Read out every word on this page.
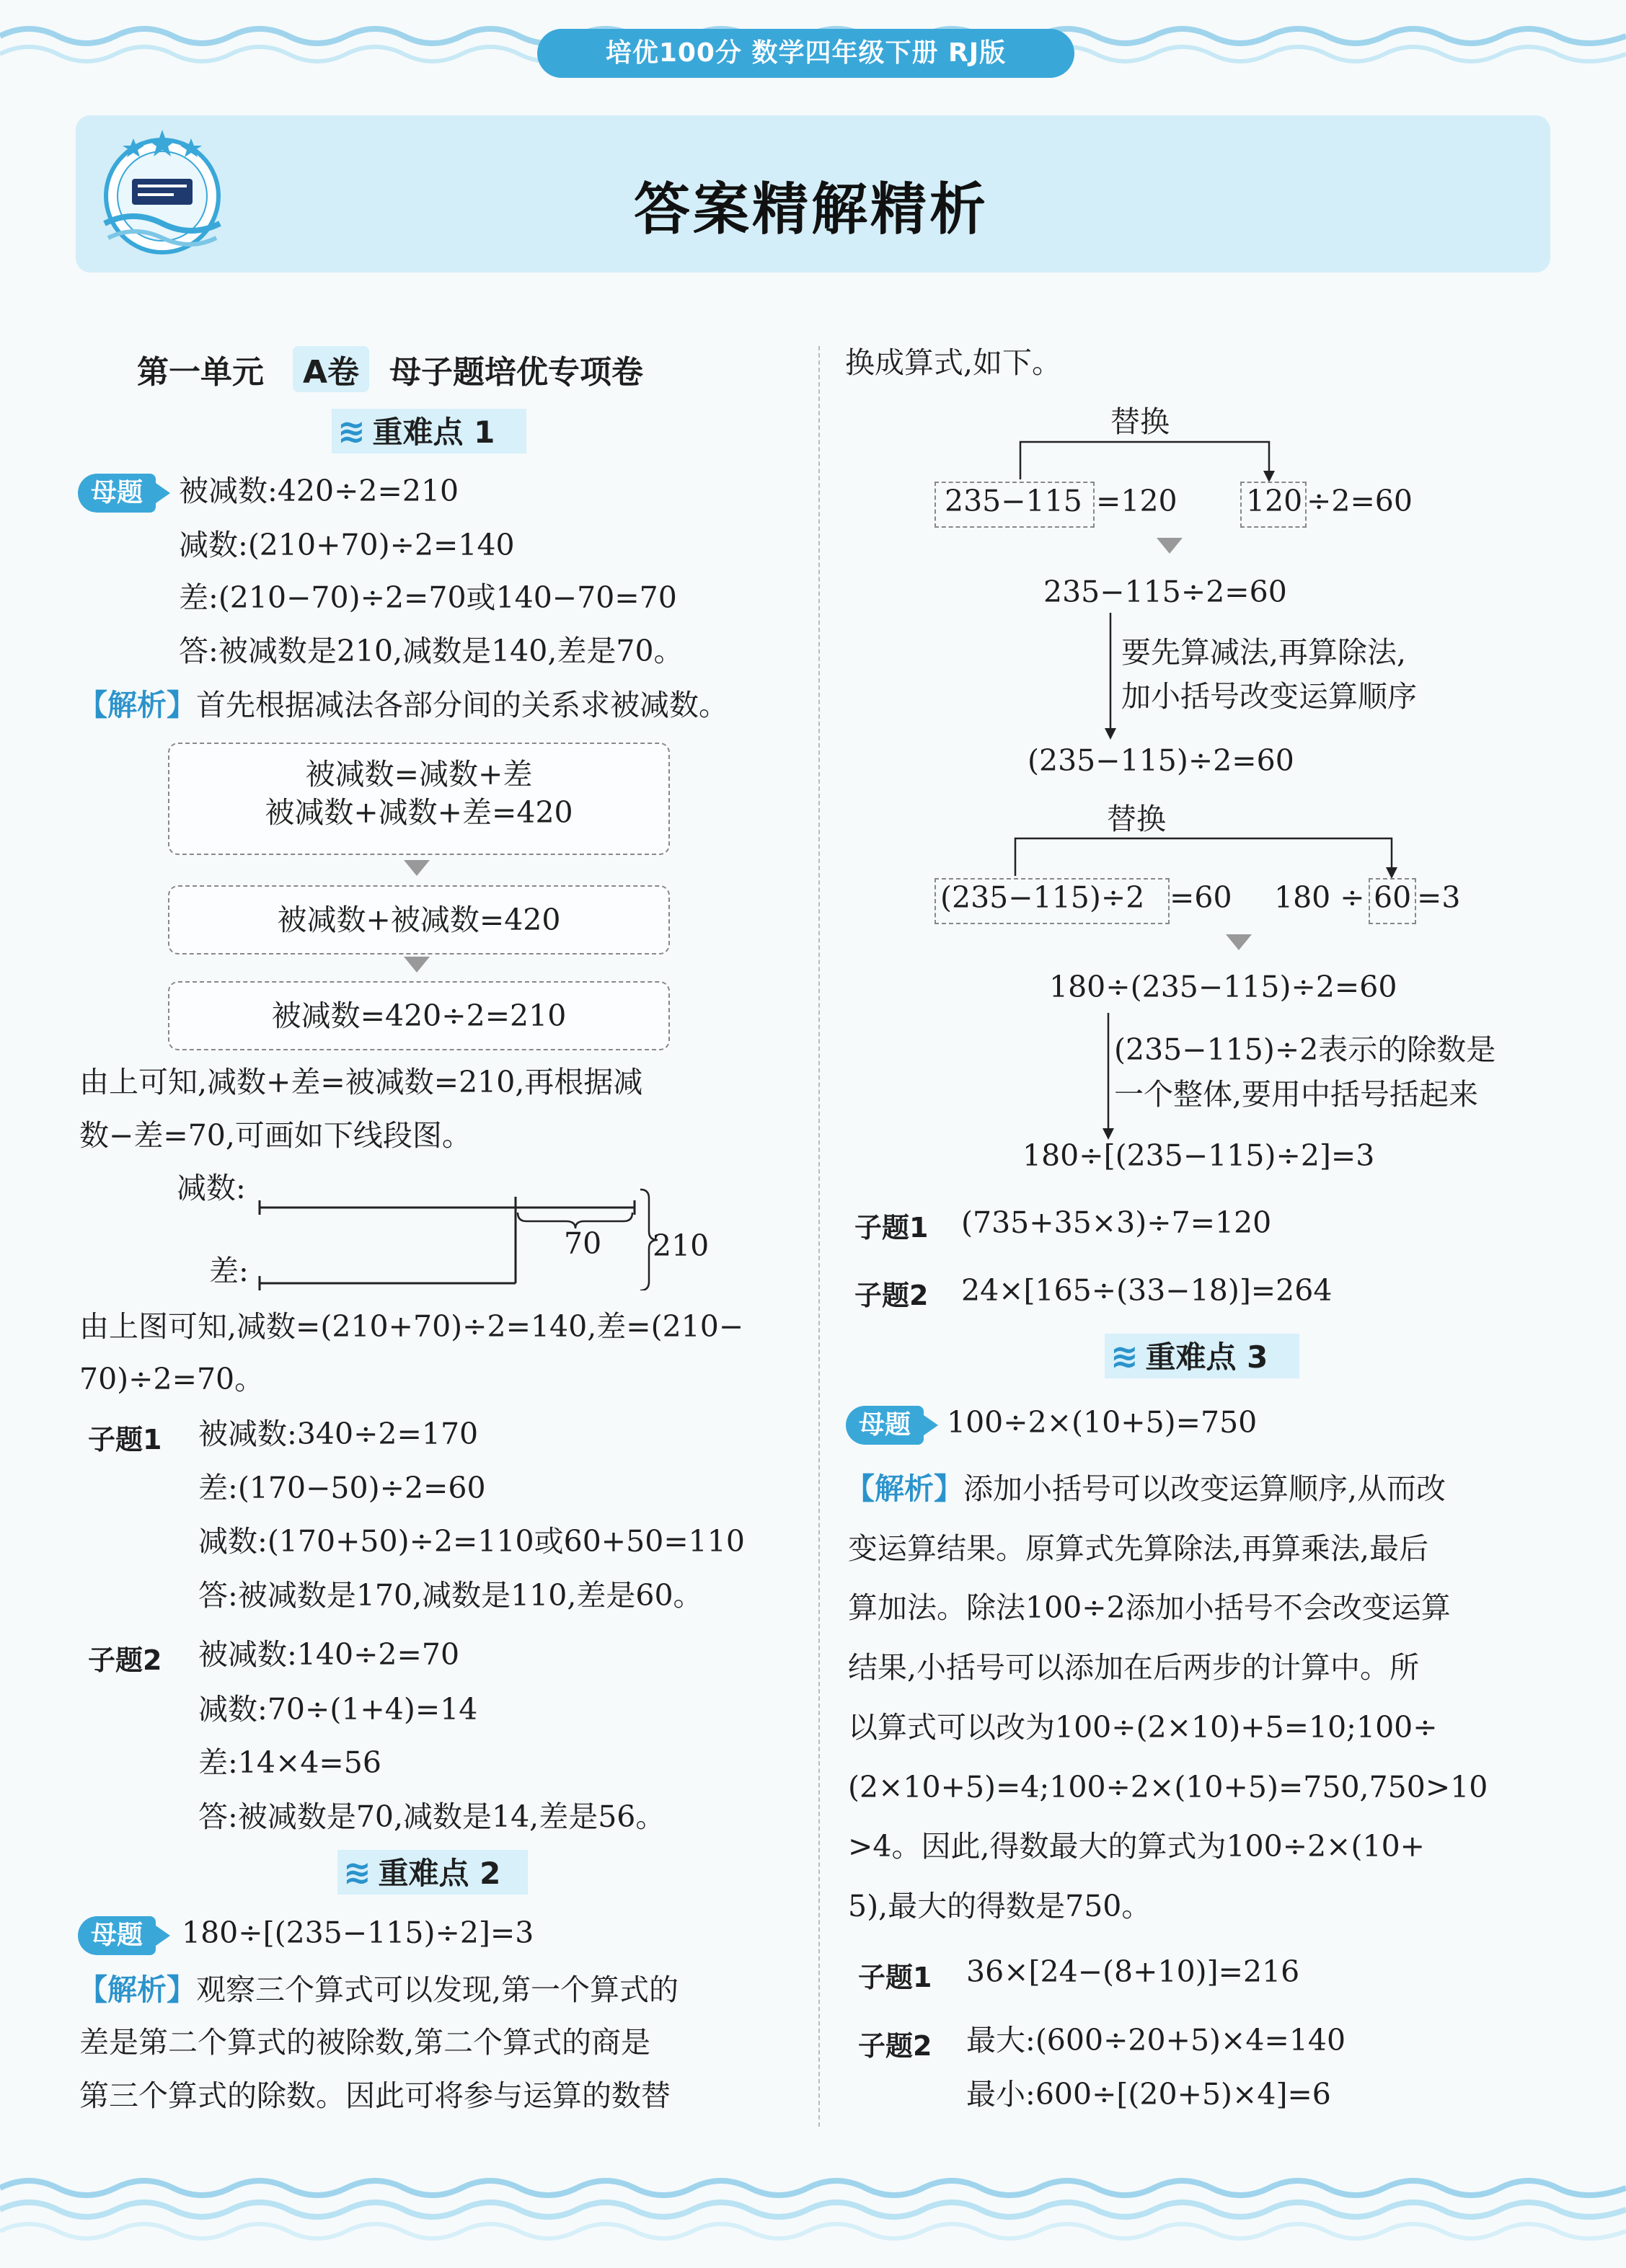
培优100分 数学四年级下册 RJ版
答案精解精析
第一单元 A卷 母子题培优专项卷
≋ 重难点 1
母题	被减数:420÷2=210
减数:(210+70)÷2=140
差:(210−70)÷2=70或140−70=70
答:被减数是210,减数是140,差是70。
【解析】首先根据减法各部分间的关系求被减数。
被减数=减数+差
被减数+减数+差=420
被减数+被减数=420
被减数=420÷2=210
由上可知,减数+差=被减数=210,再根据减
数−差=70,可画如下线段图。
减数:
差:
70 210
由上图可知,减数=(210+70)÷2=140,差=(210−
70)÷2=70。
子题1 被减数:340÷2=170
差:(170−50)÷2=60
减数:(170+50)÷2=110或60+50=110
答:被减数是170,减数是110,差是60。
子题2 被减数:140÷2=70
减数:70÷(1+4)=14
差:14×4=56
答:被减数是70,减数是14,差是56。
≋ 重难点 2
母题	180÷[(235−115)÷2]=3
【解析】观察三个算式可以发现,第一个算式的
差是第二个算式的被除数,第二个算式的商是
第三个算式的除数。因此可将参与运算的数替
换成算式,如下。
替换
235−115 =120 120 ÷2=60
235−115÷2=60
要先算减法,再算除法,
加小括号改变运算顺序
(235−115)÷2=60
替换
(235−115)÷2 =60 180 ÷ 60 =3
180÷(235−115)÷2=60
(235−115)÷2表示的除数是
一个整体,要用中括号括起来
180÷[(235−115)÷2]=3
子题1 (735+35×3)÷7=120
子题2 24×[165÷(33−18)]=264
≋ 重难点 3
母题	100÷2×(10+5)=750
【解析】添加小括号可以改变运算顺序,从而改
变运算结果。原算式先算除法,再算乘法,最后
算加法。除法100÷2添加小括号不会改变运算
结果,小括号可以添加在后两步的计算中。所
以算式可以改为100÷(2×10)+5=10;100÷
(2×10+5)=4;100÷2×(10+5)=750,750>10
>4。因此,得数最大的算式为100÷2×(10+
5),最大的得数是750。
子题1 36×[24−(8+10)]=216
子题2 最大:(600÷20+5)×4=140
最小:600÷[(20+5)×4]=6
